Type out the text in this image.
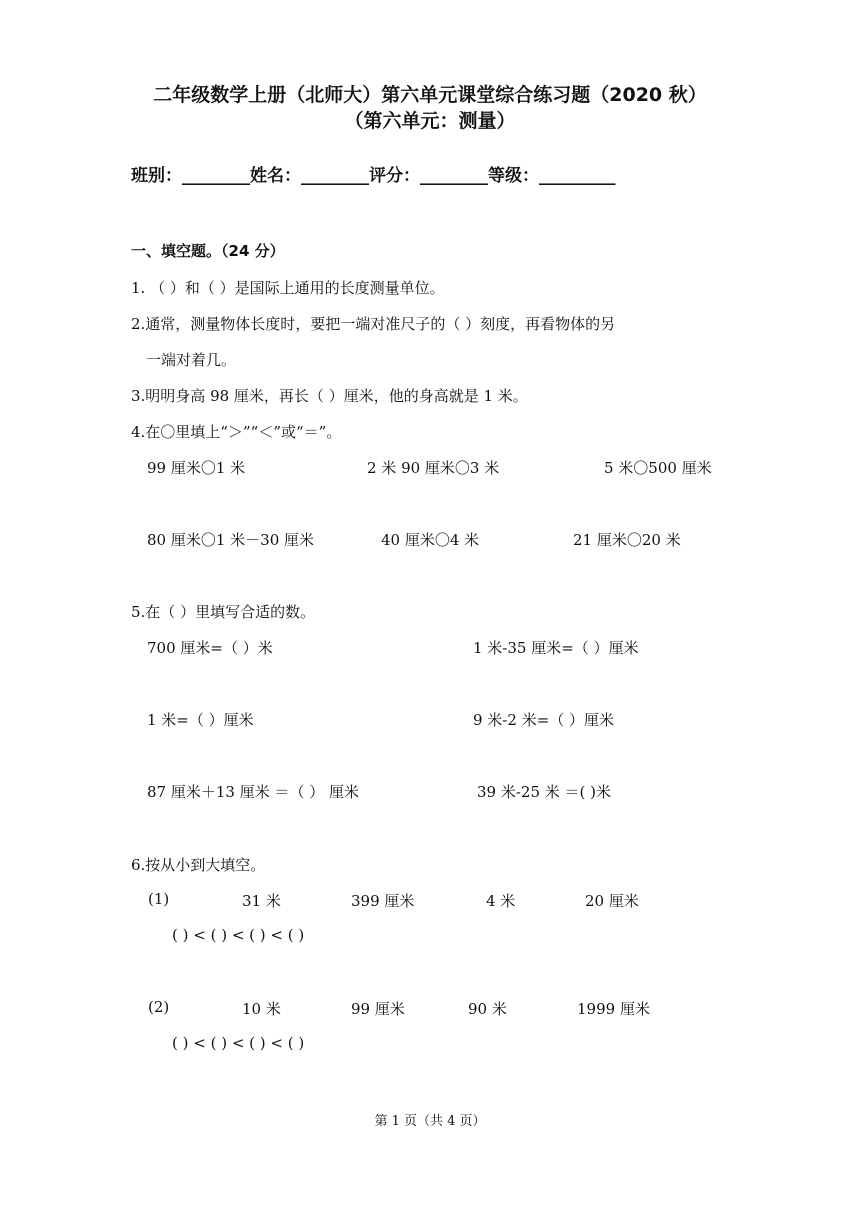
二年级数学上册（北师大）第六单元课堂综合练习题（2020 秋）
（第六单元：测量）
班别：________姓名：________评分：________等级：_________
一、填空题。（24 分）
1. （ ）和（ ）是国际上通用的长度测量单位。
2.通常，测量物体长度时，要把一端对准尺子的（ ）刻度，再看物体的另
一端对着几。
3.明明身高 98 厘米，再长（ ）厘米，他的身高就是 1 米。
4.在〇里填上“＞”“＜”或“＝”。
99 厘米〇1 米	2 米 90 厘米〇3 米	5 米〇500 厘米
80 厘米〇1 米－30 厘米	40 厘米〇4 米	21 厘米〇20 米
5.在（ ）里填写合适的数。
700 厘米=（ ）米	1 米-35 厘米=（ ）厘米
1 米=（ ）厘米	9 米-2 米=（ ）厘米
87 厘米＋13 厘米 ＝（ ） 厘米	39 米-25 米 ＝( )米
6.按从小到大填空。
(1)	31 米	399 厘米	4 米	20 厘米
( ) < ( ) < ( ) < ( )
(2)	10 米	99 厘米	90 米	1999 厘米
( ) < ( ) < ( ) < ( )
第 1 页（共 4 页）
